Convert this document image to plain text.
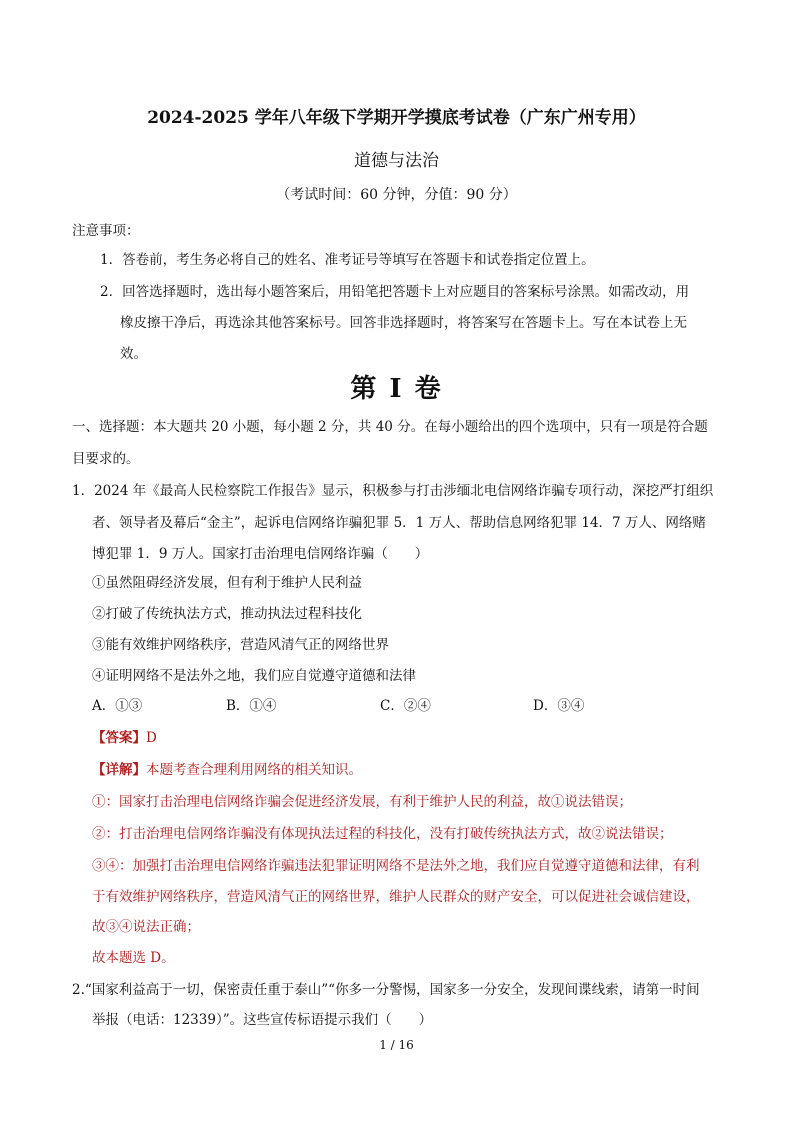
2024-2025 学年八年级下学期开学摸底考试卷（广东广州专用）
道德与法治
（考试时间：60 分钟，分值：90 分）
注意事项：
1．答卷前，考生务必将自己的姓名、准考证号等填写在答题卡和试卷指定位置上。
2．回答选择题时，选出每小题答案后，用铅笔把答题卡上对应题目的答案标号涂黑。如需改动，用
橡皮擦干净后，再选涂其他答案标号。回答非选择题时，将答案写在答题卡上。写在本试卷上无
效。
第 I 卷
一、选择题：本大题共 20 小题，每小题 2 分，共 40 分。在每小题给出的四个选项中，只有一项是符合题
目要求的。
1．2024 年《最高人民检察院工作报告》显示，积极参与打击涉缅北电信网络诈骗专项行动，深挖严打组织
者、领导者及幕后“金主”，起诉电信网络诈骗犯罪 5．1 万人、帮助信息网络犯罪 14．7 万人、网络赌
博犯罪 1．9 万人。国家打击治理电信网络诈骗（　　）
①虽然阻碍经济发展，但有利于维护人民利益
②打破了传统执法方式，推动执法过程科技化
③能有效维护网络秩序，营造风清气正的网络世界
④证明网络不是法外之地，我们应自觉遵守道德和法律
A．①③	B．①④	C．②④	D．③④
【答案】D
【详解】本题考查合理利用网络的相关知识。
①：国家打击治理电信网络诈骗会促进经济发展，有利于维护人民的利益，故①说法错误；
②：打击治理电信网络诈骗没有体现执法过程的科技化，没有打破传统执法方式，故②说法错误；
③④：加强打击治理电信网络诈骗违法犯罪证明网络不是法外之地，我们应自觉遵守道德和法律，有利
于有效维护网络秩序，营造风清气正的网络世界，维护人民群众的财产安全，可以促进社会诚信建设，
故③④说法正确；
故本题选 D。
2.“国家利益高于一切，保密责任重于泰山”“你多一分警惕，国家多一分安全，发现间谍线索，请第一时间
举报（电话：12339）”。这些宣传标语提示我们（　　）
1 / 16
